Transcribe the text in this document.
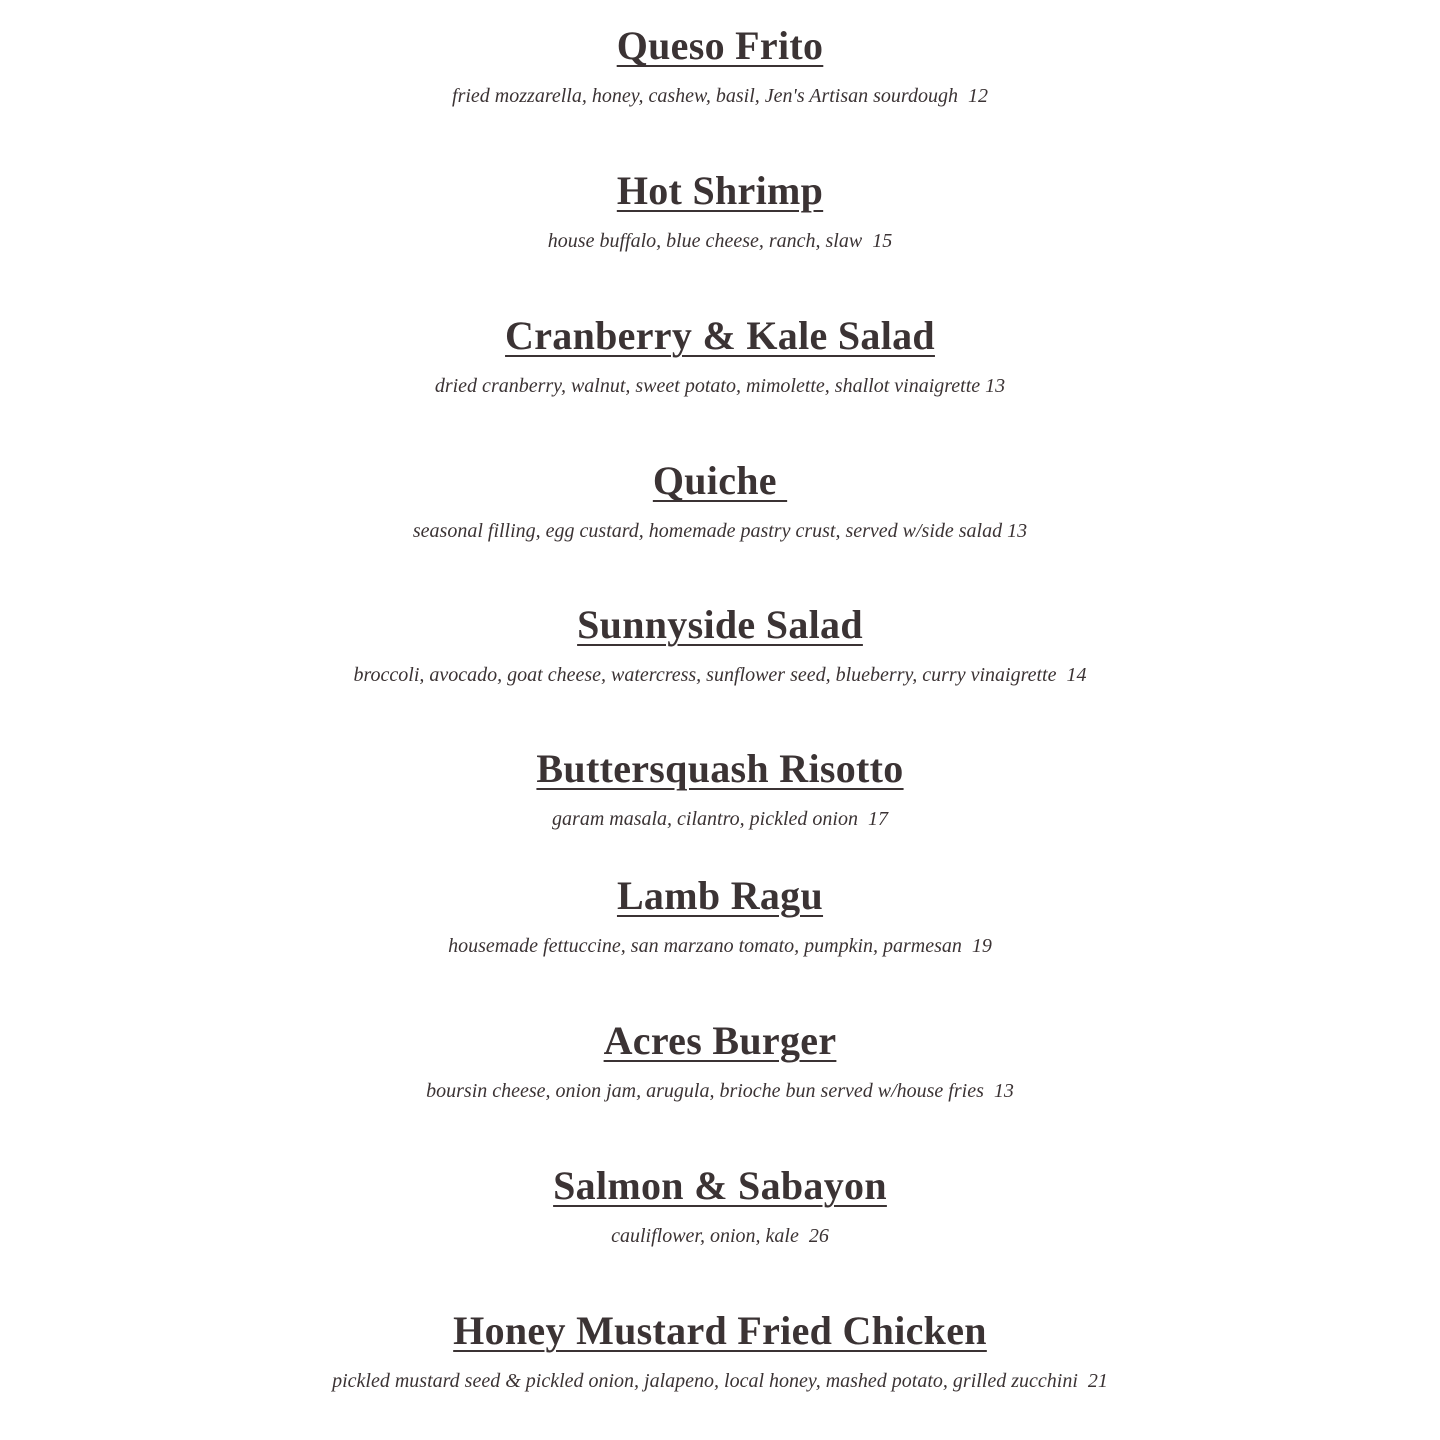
Queso Frito
fried mozzarella, honey, cashew, basil, Jen's Artisan sourdough  12
Hot Shrimp
house buffalo, blue cheese, ranch, slaw  15
Cranberry & Kale Salad
dried cranberry, walnut, sweet potato, mimolette, shallot vinaigrette 13
Quiche
seasonal filling, egg custard, homemade pastry crust, served w/side salad 13
Sunnyside Salad
broccoli, avocado, goat cheese, watercress, sunflower seed, blueberry, curry vinaigrette  14
Buttersquash Risotto
garam masala, cilantro, pickled onion  17
Lamb Ragu
housemade fettuccine, san marzano tomato, pumpkin, parmesan  19
Acres Burger
boursin cheese, onion jam, arugula, brioche bun served w/house fries  13
Salmon & Sabayon
cauliflower, onion, kale  26
Honey Mustard Fried Chicken
pickled mustard seed & pickled onion, jalapeno, local honey, mashed potato, grilled zucchini  21
